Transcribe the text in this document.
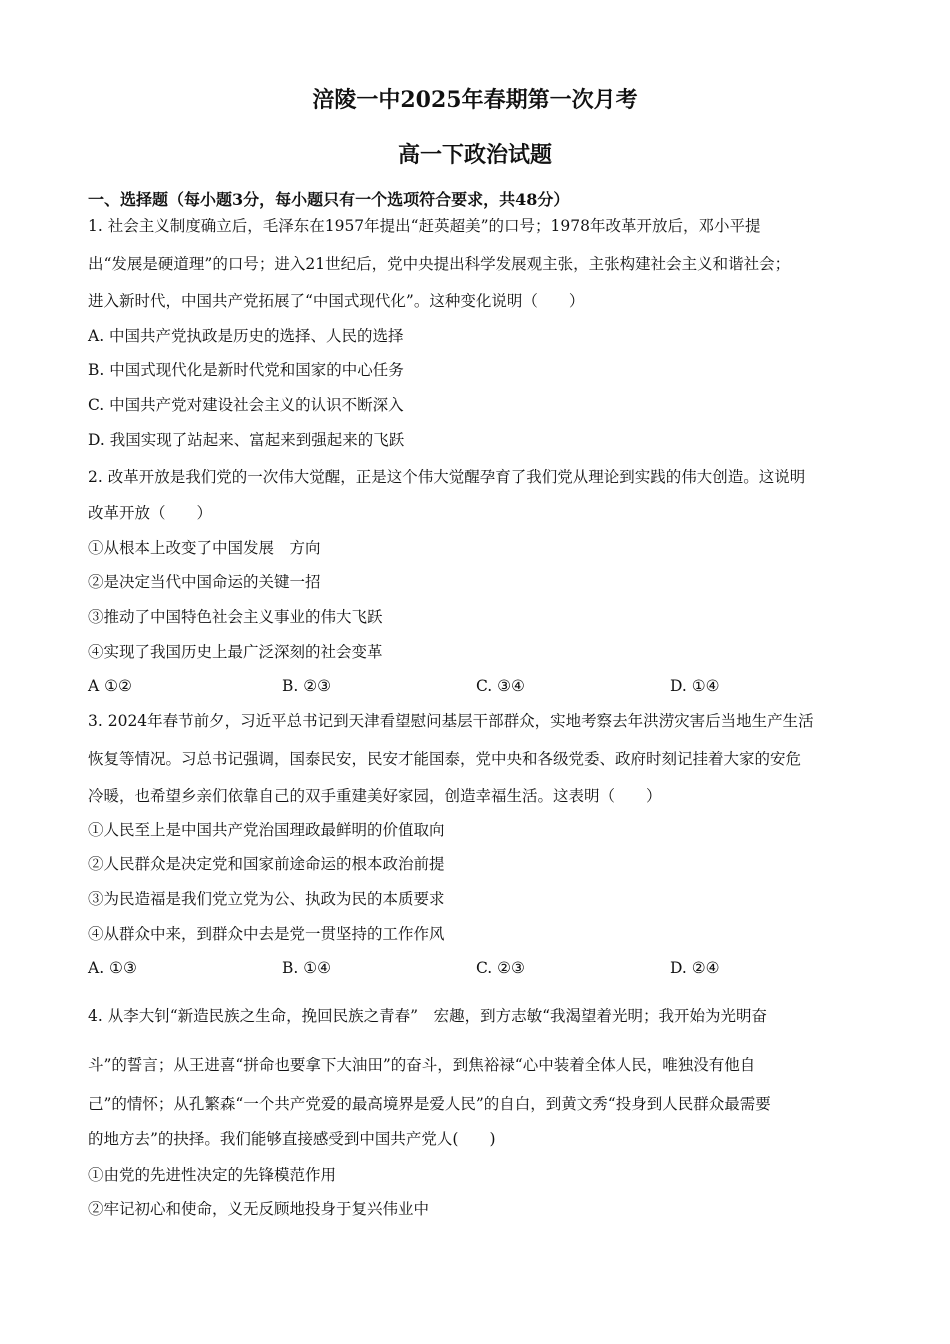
涪陵一中2025年春期第一次月考
高一下政治试题
一、选择题（每小题3分，每小题只有一个选项符合要求，共48分）
1. 社会主义制度确立后，毛泽东在1957年提出“赶英超美”的口号；1978年改革开放后，邓小平提
出“发展是硬道理”的口号；进入21世纪后，党中央提出科学发展观主张，主张构建社会主义和谐社会；
进入新时代，中国共产党拓展了“中国式现代化”。这种变化说明（　　）
A. 中国共产党执政是历史的选择、人民的选择
B. 中国式现代化是新时代党和国家的中心任务
C. 中国共产党对建设社会主义的认识不断深入
D. 我国实现了站起来、富起来到强起来的飞跃
2. 改革开放是我们党的一次伟大觉醒，正是这个伟大觉醒孕育了我们党从理论到实践的伟大创造。这说明
改革开放（　　）
①从根本上改变了中国发展　方向
②是决定当代中国命运的关键一招
③推动了中国特色社会主义事业的伟大飞跃
④实现了我国历史上最广泛深刻的社会变革
A ①②	B. ②③	C. ③④	D. ①④
3. 2024年春节前夕，习近平总书记到天津看望慰问基层干部群众，实地考察去年洪涝灾害后当地生产生活
恢复等情况。习总书记强调，国泰民安，民安才能国泰，党中央和各级党委、政府时刻记挂着大家的安危
冷暖，也希望乡亲们依靠自己的双手重建美好家园，创造幸福生活。这表明（　　）
①人民至上是中国共产党治国理政最鲜明的价值取向
②人民群众是决定党和国家前途命运的根本政治前提
③为民造福是我们党立党为公、执政为民的本质要求
④从群众中来，到群众中去是党一贯坚持的工作作风
A. ①③	B. ①④	C. ②③	D. ②④
4. 从李大钊“新造民族之生命，挽回民族之青春”　宏趣，到方志敏“我渴望着光明；我开始为光明奋
斗”的誓言；从王进喜“拼命也要拿下大油田”的奋斗，到焦裕禄“心中装着全体人民，唯独没有他自
己”的情怀；从孔繁森“一个共产党爱的最高境界是爱人民”的自白，到黄文秀“投身到人民群众最需要
的地方去”的抉择。我们能够直接感受到中国共产党人(　　)
①由党的先进性决定的先锋模范作用
②牢记初心和使命，义无反顾地投身于复兴伟业中
